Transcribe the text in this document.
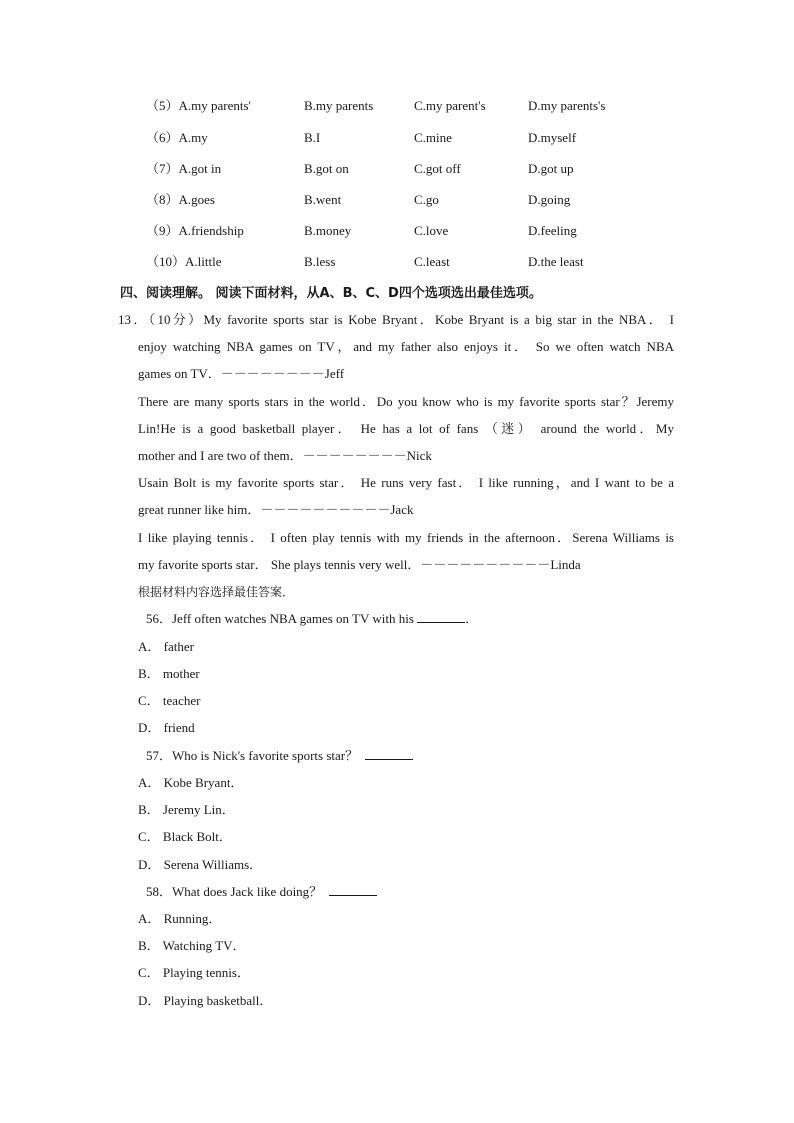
（5）A.my parents'	B.my parents	C.my parent's	D.my parents's
（6）A.my	B.I	C.mine	D.myself
（7）A.got in	B.got on	C.got off	D.got up
（8）A.goes	B.went	C.go	D.going
（9）A.friendship	B.money	C.love	D.feeling
（10）A.little	B.less	C.least	D.the least
四、阅读理解。 阅读下面材料，从A、B、C、D四个选项选出最佳选项。
13．（10分）My favorite sports star is Kobe Bryant．Kobe Bryant is a big star in the NBA． I
enjoy watching NBA games on TV，and my father also enjoys it． So we often watch NBA
games on TV．－－－－－－－－Jeff
There are many sports stars in the world．Do you know who is my favorite sports star？Jeremy
Lin!He is a good basketball player． He has a lot of fans （迷） around the world．My
mother and I are two of them．－－－－－－－－Nick
Usain Bolt is my favorite sports star． He runs very fast． I like running，and I want to be a
great runner like him．－－－－－－－－－－Jack
I like playing tennis． I often play tennis with my friends in the afternoon．Serena Williams is
my favorite sports star． She plays tennis very well．－－－－－－－－－－Linda
根据材料内容选择最佳答案．
56．Jeff often watches NBA games on TV with his	．
A． father
B． mother
C． teacher
D． friend
57．Who is Nick's favorite sports star？
A． Kobe Bryant．
B． Jeremy Lin．
C． Black Bolt．
D． Serena Williams．
58．What does Jack like doing？
A． Running．
B． Watching TV．
C． Playing tennis．
D． Playing basketball．
